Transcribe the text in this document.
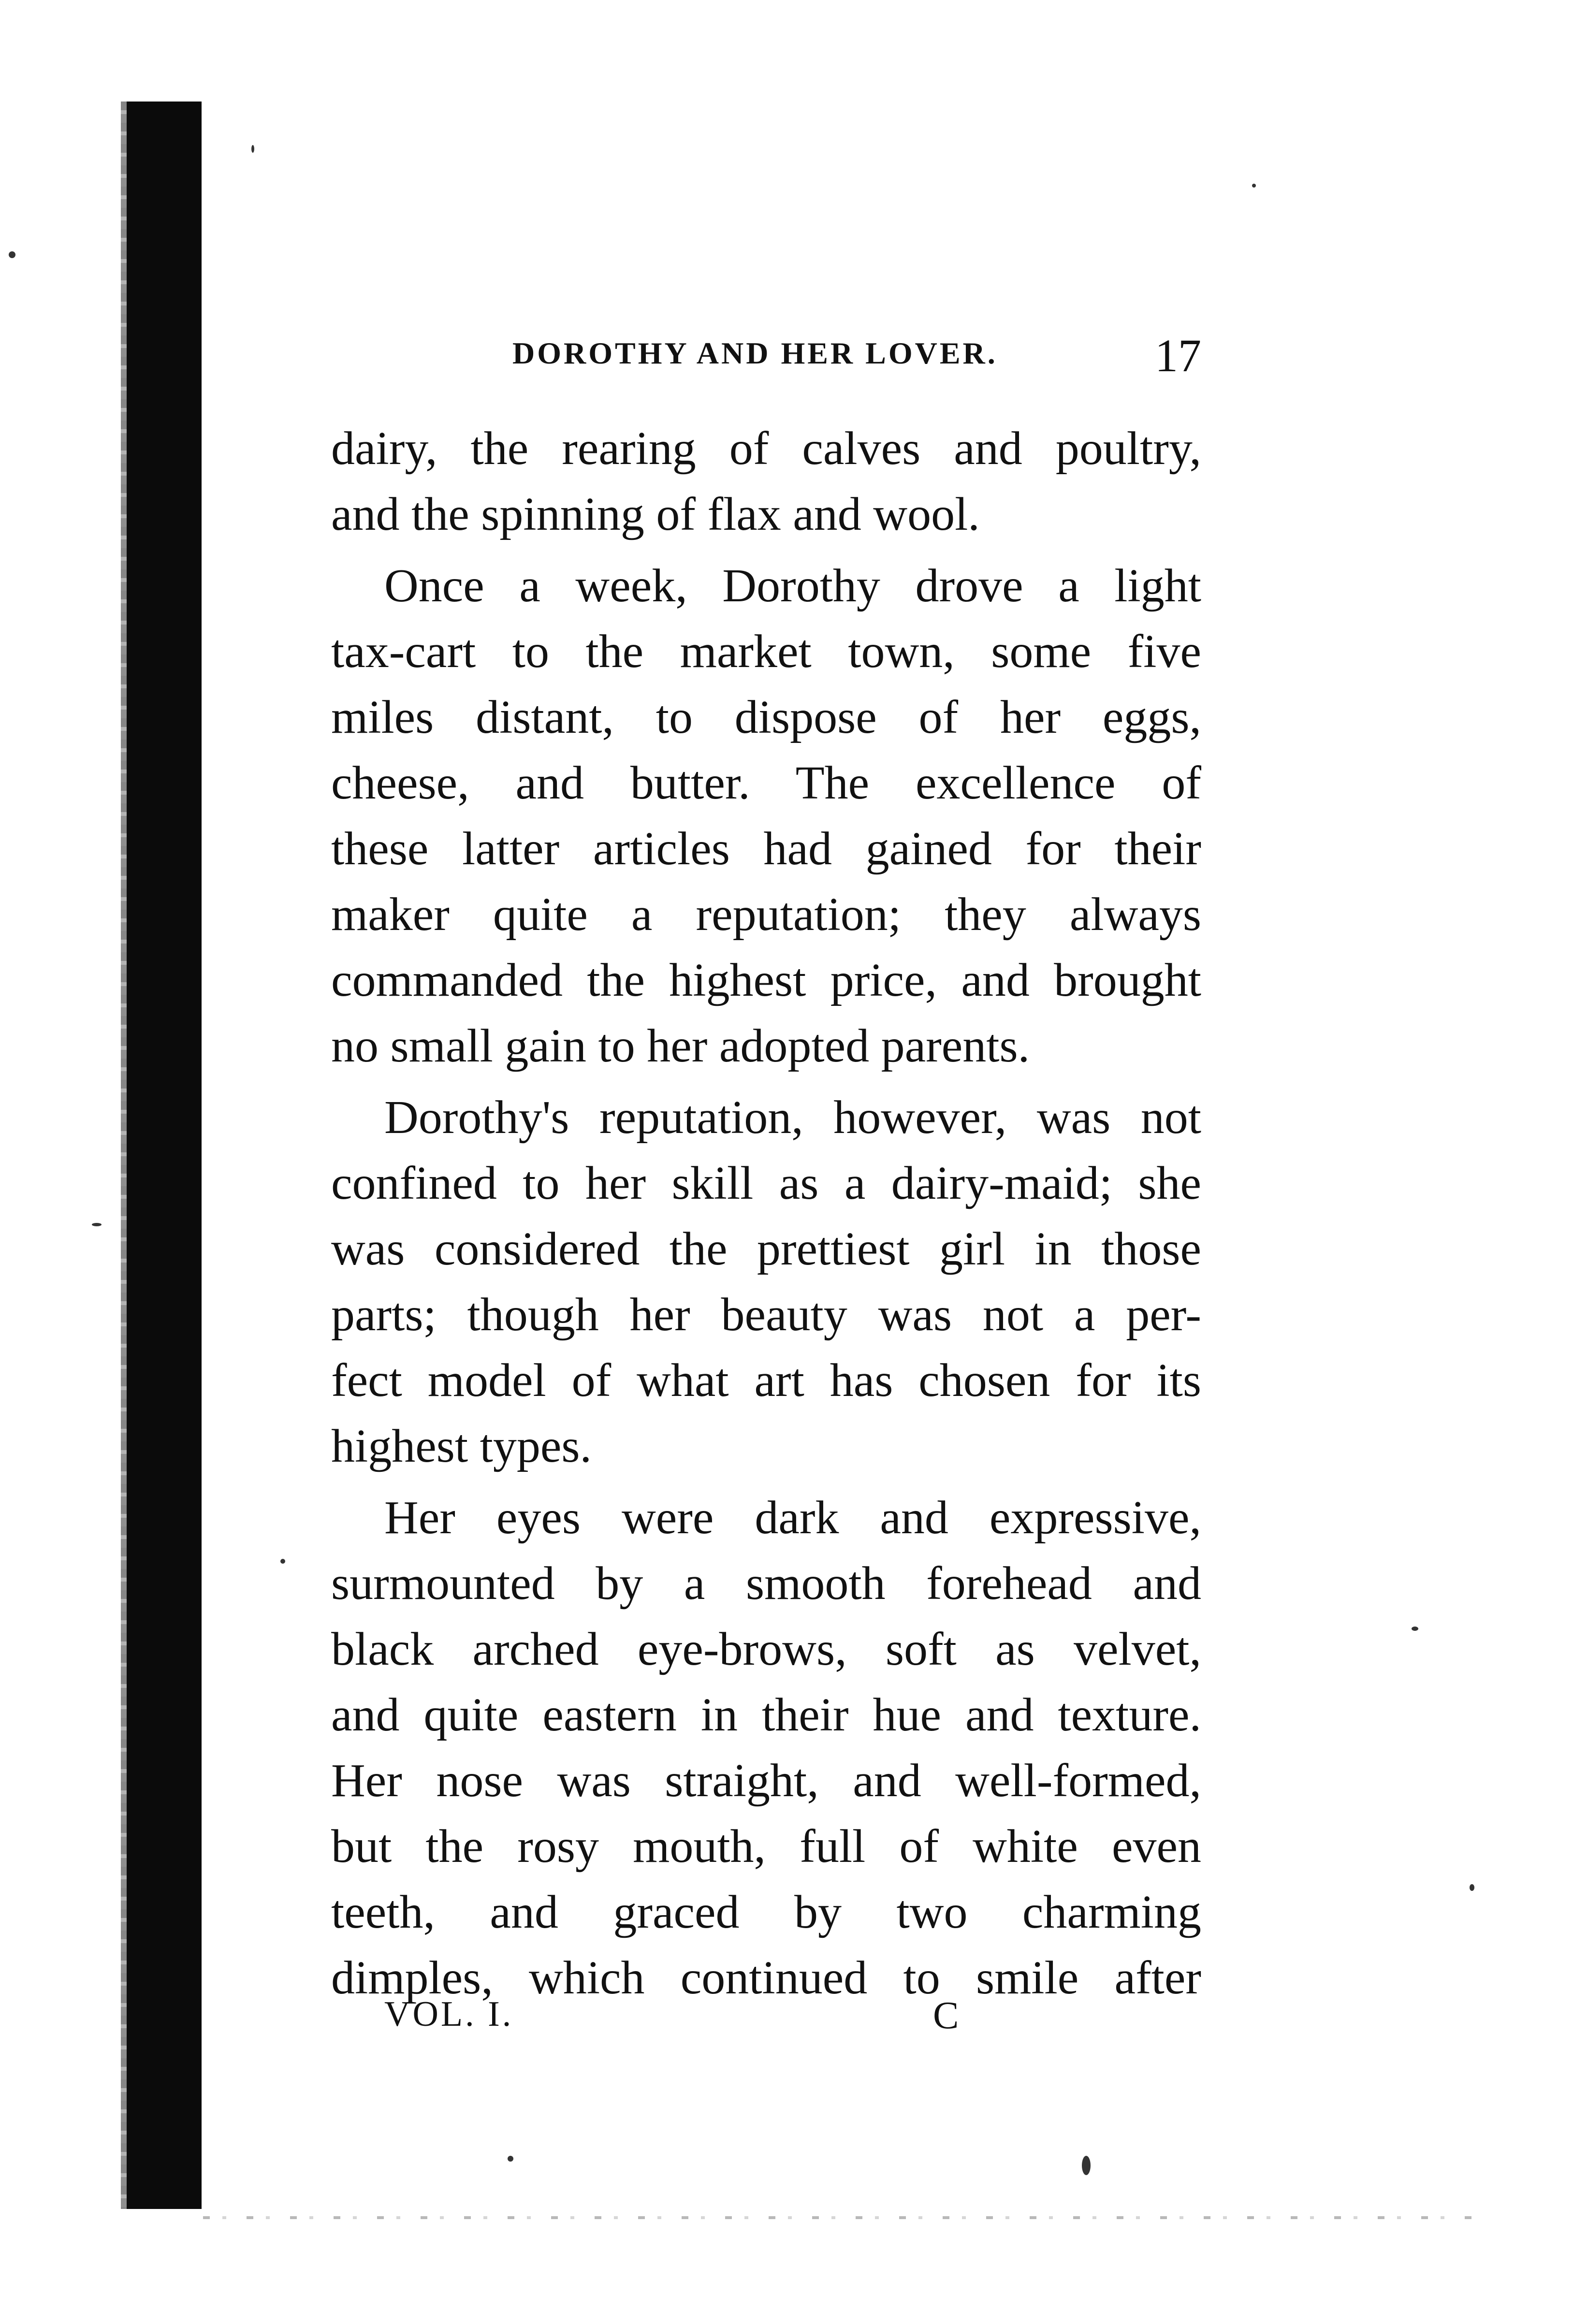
DOROTHY AND HER LOVER.	17
dairy, the rearing of calves and poultry,
and the spinning of flax and wool.
Once a week, Dorothy drove a light
tax-cart to the market town, some five
miles distant, to dispose of her eggs,
cheese, and butter. The excellence of
these latter articles had gained for their
maker quite a reputation; they always
commanded the highest price, and brought
no small gain to her adopted parents.
Dorothy's reputation, however, was not
confined to her skill as a dairy-maid; she
was considered the prettiest girl in those
parts; though her beauty was not a per-
fect model of what art has chosen for its
highest types.
Her eyes were dark and expressive,
surmounted by a smooth forehead and
black arched eye-brows, soft as velvet,
and quite eastern in their hue and texture.
Her nose was straight, and well-formed,
but the rosy mouth, full of white even
teeth, and graced by two charming
dimples, which continued to smile after
VOL. I.	C
